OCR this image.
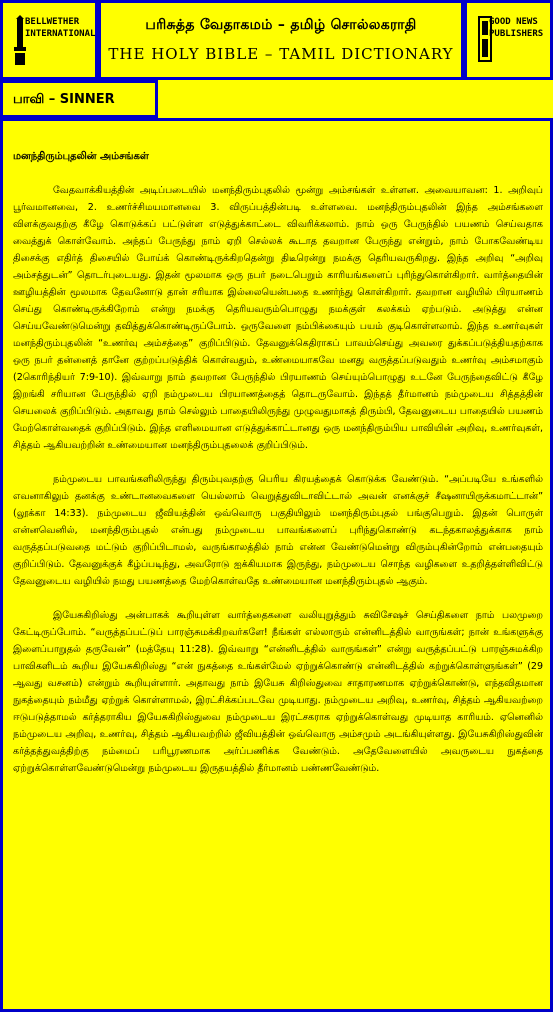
BELLWETHER
INTERNATIONAL
பரிசுத்த வேதாகமம் – தமிழ் சொல்லகராதி
THE HOLY BIBLE – TAMIL DICTIONARY
GOOD NEWS
PUBLISHERS
பாவி – SINNER
மனந்திரும்புதலின் அம்சங்கள்

வேதவாக்கியத்தின் அடிப்படையில் மனந்திரும்புதலில் மூன்று அம்சங்கள் உள்ளன. அவையாவன: 1. அறிவுப் பூர்வமானவை, 2. உணர்ச்சிமயமானவை 3. விருப்பத்தின்படி உள்ளவை. மனந்திரும்புதலின் இந்த அம்சங்களை விளக்குவதற்கு கீழே கொடுக்கப் பட்டுள்ள எடுத்துக்காட்டை விவரிக்கலாம். நாம் ஒரு பேருந்தில் பயணம் செய்வதாக வைத்துக் கொள்வோம். அந்தப் பேருந்து நாம் ஏறி செல்லக் கூடாத தவறான பேருந்து என்றும், நாம் போகவேண்டிய திசைக்கு எதிர்த் திசையில் போய்க் கொண்டிருக்கிறதென்று திடீரென்று நமக்கு தெரியவருகிறது. இந்த அறிவு “அறிவு அம்சத்துடன்” தொடர்புடையது. இதன் மூலமாக ஒரு நபர் நடைபெறும் காரியங்களைப் புரிந்துகொள்கிறார். வார்த்தையின் ஊழியத்தின் மூலமாக தேவனோடு தான் சரியாக இல்லையென்பதை உணர்ந்து கொள்கிறார். தவறான வழியில் பிரயாணம் செய்து கொண்டிருக்கிறோம் என்று நமக்கு தெரியவரும்பொழுது நமக்குள் கலக்கம் ஏற்படும். அடுத்து என்ன செய்யவேண்டுமென்று தவித்துக்கொண்டிருப்போம். ஒருவேளை நம்பிக்கையும் பயம் குடிகொள்ளலாம். இந்த உணர்வுகள் மனந்திரும்புதலின் “உணர்வு அம்சத்தை” குறிப்பிடும். தேவனுக்கெதிராகப் பாவம்செய்து அவரை துக்கப்படுத்தியதற்காக ஒரு நபர் தன்னைத் தானே குற்றப்படுத்திக் கொள்வதும், உண்மையாகவே மனது வருத்தப்படுவதும் உணர்வு அம்சமாகும் (2கொரிந்தியர் 7:9-10). இவ்வாறு நாம் தவறான பேருந்தில் பிரயாணம் செய்யும்பொழுது உடனே பேருந்தைவிட்டு கீழே இறங்கி சரியான பேருந்தில் ஏறி நம்முடைய பிரயாணத்தைத் தொடருவோம். இந்தத் தீர்மானம் நம்முடைய சித்தத்தின் செயலைக் குறிப்பிடும். அதாவது நாம் செல்லும் பாதையிலிருந்து முழுவதுமாகத் திரும்பி, தேவனுடைய பாதையில் பயணம் மேற்கொள்வதைக் குறிப்பிடும். இந்த எளிமையான எடுத்துக்காட்டானது ஒரு மனந்திரும்பிய பாவியின் அறிவு, உணர்வுகள், சித்தம் ஆகியவற்றின் உண்மையான மனந்திரும்புதலைக் குறிப்பிடும்.

நம்முடைய பாவங்களிலிருந்து திரும்புவதற்கு பெரிய கிரயத்தைக் கொடுக்க வேண்டும். “அப்படியே உங்களில் எவனாகிலும் தனக்கு உண்டானவைகளை யெல்லாம் வெறுத்துவிடாவிட்டால் அவன் எனக்குச் சீஷனாயிருக்கமாட்டான்” (லூக்கா 14:33). நம்முடைய ஜீவியத்தின் ஒவ்வொரு பகுதியிலும் மனந்திரும்புதல் பங்குபெறும். இதன் பொருள் என்னவெனில், மனந்திரும்புதல் என்பது நம்முடைய பாவங்களைப் புரிந்துகொண்டு கடந்தகாலத்துக்காக நாம் வருத்தப்படுவதை மட்டும் குறிப்பிடாமல், வருங்காலத்தில் நாம் என்ன வேண்டுமென்று விரும்புகின்றோம் என்பதையும் குறிப்பிடும். தேவனுக்குக் கீழ்ப்படிந்து, அவரோடு ஐக்கியமாக இருந்து, நம்முடைய சொந்த வழிகளை உதறித்தள்ளிவிட்டு தேவனுடைய வழியில் நமது பயணத்தை மேற்கொள்வதே உண்மையான மனந்திரும்புதல் ஆகும்.

இயேசுகிறிஸ்து அன்பாகக் கூறியுள்ள வார்த்தைகளை வலியுறுத்தும் சுவிசேஷச் செய்திகளை நாம் பலமுறை கேட்டிருப்போம். “வருத்தப்பட்டுப் பாரஞ்சுமக்கிறவர்களே! நீங்கள் எல்லாரும் என்னிடத்தில் வாருங்கள்; நான் உங்களுக்கு இளைப்பாறுதல் தருவேன்” (மத்தேயு 11:28). இவ்வாறு “என்னிடத்தில் வாருங்கள்” என்று வருத்தப்பட்டு பாரஞ்சுமக்கிற பாவிகளிடம் கூறிய இயேசுகிறிஸ்து “என் நுகத்தை உங்கள்மேல் ஏற்றுக்கொண்டு என்னிடத்தில் கற்றுக்கொள்ளுங்கள்” (29 ஆவது வசனம்) என்றும் கூறியுள்ளார். அதாவது நாம் இயேசு கிறிஸ்துவை சாதாரணமாக ஏற்றுக்கொண்டு, எந்தவிதமான நுகத்தையும் நம்மீது ஏற்றுக் கொள்ளாமல், இரட்சிக்கப்படவே முடியாது. நம்முடைய அறிவு, உணர்வு, சித்தம் ஆகியவற்றை ஈடுபடுத்தாமல் கர்த்தராகிய இயேசுகிறிஸ்துவை நம்முடைய இரட்சகராக ஏற்றுக்கொள்வது முடியாத காரியம். ஏனெனில் நம்முடைய அறிவு, உணர்வு, சித்தம் ஆகியவற்றில் ஜீவியத்தின் ஒவ்வொரு அம்சமும் அடங்கியுள்ளது. இயேசுகிறிஸ்துவின் கர்த்தத்துவத்திற்கு நம்மைப் பரிபூரணமாக அர்ப்பணிக்க வேண்டும். அதேவேளையில் அவருடைய நுகத்தை ஏற்றுக்கொள்ளவேண்டுமென்று நம்முடைய இருதயத்தில் தீர்மானம் பண்ணவேண்டும்.
